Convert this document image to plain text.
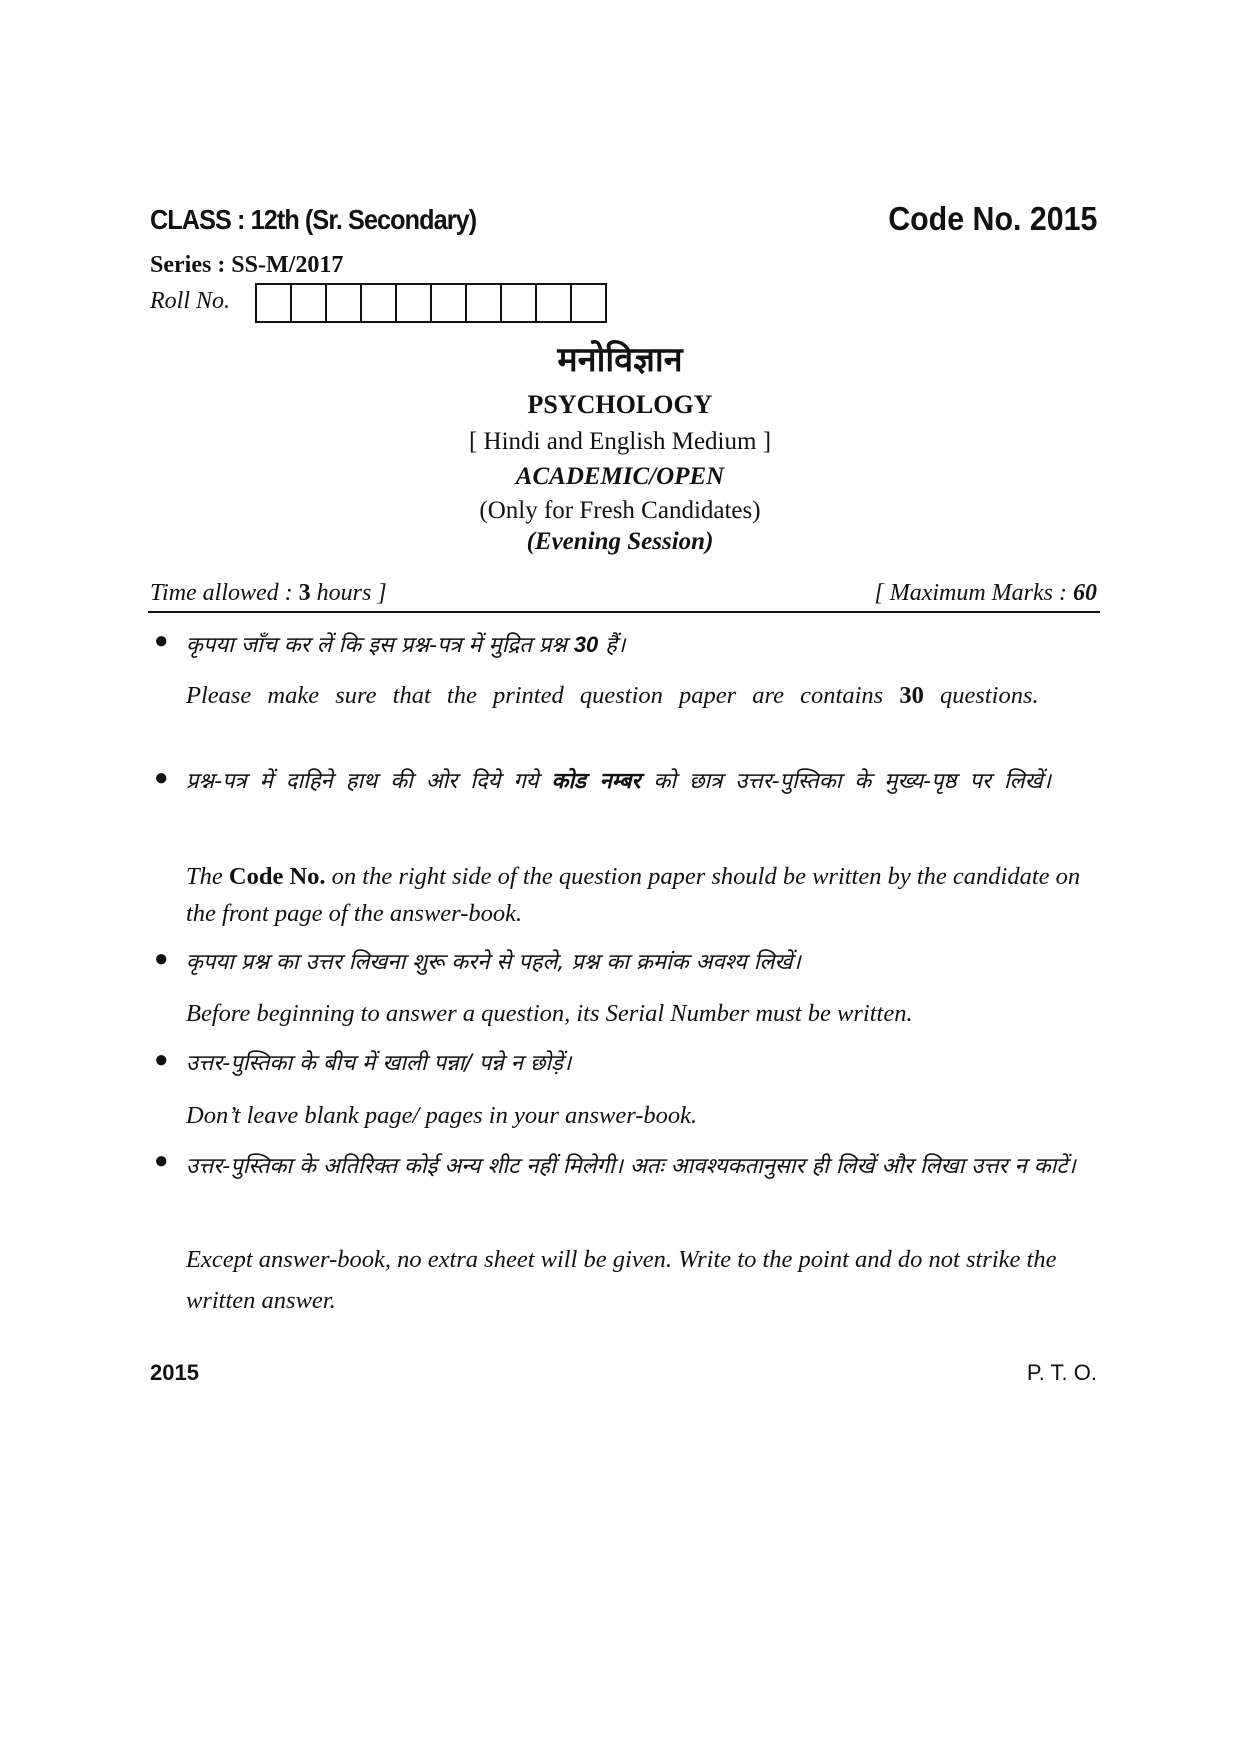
CLASS : 12th (Sr. Secondary)	Code No. 2015
Series : SS-M/2017
Roll No.
मनोविज्ञान
PSYCHOLOGY
[ Hindi and English Medium ]
ACADEMIC/OPEN
(Only for Fresh Candidates)
(Evening Session)
Time allowed : 3 hours ]	[ Maximum Marks : 60
● कृपया जाँच कर लें कि इस प्रश्न-पत्र में मुद्रित प्रश्न 30 हैं।
Please make sure that the printed question paper are contains 30 questions.
● प्रश्न-पत्र में दाहिने हाथ की ओर दिये गये कोड नम्बर को छात्र उत्तर-पुस्तिका के मुख्य-पृष्ठ पर लिखें।
The Code No. on the right side of the question paper should be written by the candidate on the front page of the answer-book.
● कृपया प्रश्न का उत्तर लिखना शुरू करने से पहले, प्रश्न का क्रमांक अवश्य लिखें।
Before beginning to answer a question, its Serial Number must be written.
● उत्तर-पुस्तिका के बीच में खाली पन्ना/ पन्ने न छोड़ें।
Don’t leave blank page/ pages in your answer-book.
● उत्तर-पुस्तिका के अतिरिक्त कोई अन्य शीट नहीं मिलेगी। अतः आवश्यकतानुसार ही लिखें और लिखा उत्तर न काटें।
Except answer-book, no extra sheet will be given. Write to the point and do not strike the written answer.
2015	P. T. O.
